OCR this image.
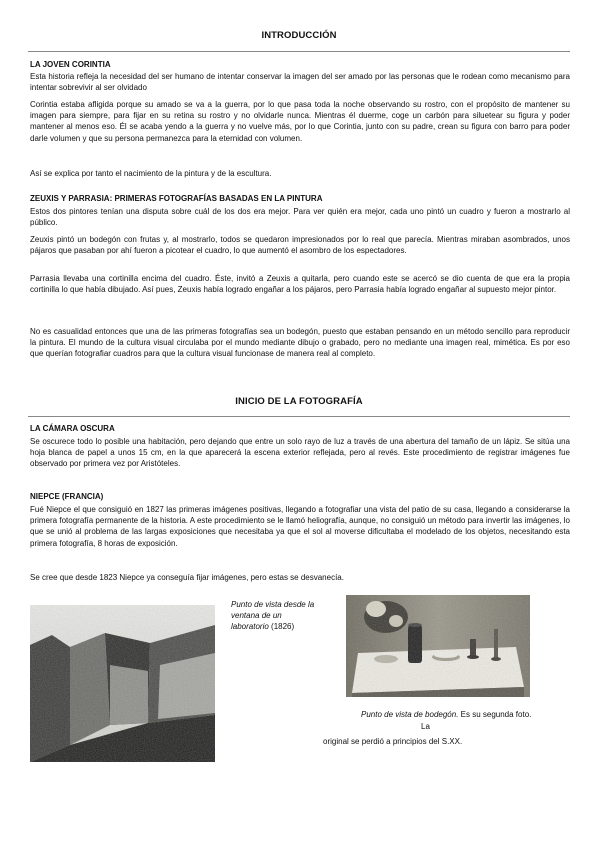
INTRODUCCIÓN
LA JOVEN CORINTIA

Esta historia refleja la necesidad del ser humano de intentar conservar la imagen del ser amado por las personas que le rodean como mecanismo para intentar sobrevivir al ser olvidado

Corintia estaba afligida porque su amado se va a la guerra, por lo que pasa toda la noche observando su rostro, con el propósito de mantener su imagen para siempre, para fijar en su retina su rostro y no olvidarle nunca. Mientras él duerme, coge un carbón para siluetear su figura y poder mantener al menos eso. Él se acaba yendo a la guerra y no vuelve más, por lo que Corintia, junto con su padre, crean su figura con barro para poder darle volumen y que su persona permanezca para la eternidad con volumen.

Así se explica por tanto el nacimiento de la pintura y de la escultura.

ZEUXIS Y PARRASIA: PRIMERAS FOTOGRAFÍAS BASADAS EN LA PINTURA

Estos dos pintores tenían una disputa sobre cuál de los dos era mejor. Para ver quién era mejor, cada uno pintó un cuadro y fueron a mostrarlo al público.

Zeuxis pintó un bodegón con frutas y, al mostrarlo, todos se quedaron impresionados por lo real que parecía. Mientras miraban asombrados, unos pájaros que pasaban por ahí fueron a picotear el cuadro, lo que aumentó el asombro de los espectadores.

Parrasia llevaba una cortinilla encima del cuadro. Éste, invitó a Zeuxis a quitarla, pero cuando este se acercó se dio cuenta de que era la propia cortinilla lo que había dibujado. Así pues, Zeuxis había logrado engañar a los pájaros, pero Parrasia había logrado engañar al supuesto mejor pintor.

No es casualidad entonces que una de las primeras fotografías sea un bodegón, puesto que estaban pensando en un método sencillo para reproducir la pintura. El mundo de la cultura visual circulaba por el mundo mediante dibujo o grabado, pero no mediante una imagen real, mimética. Es por eso que querían fotografiar cuadros para que la cultura visual funcionase de manera real al completo.

INICIO DE LA FOTOGRAFÍA
LA CÁMARA OSCURA

Se oscurece todo lo posible una habitación, pero dejando que entre un solo rayo de luz a través de una abertura del tamaño de un lápiz. Se sitúa una hoja blanca de papel a unos 15 cm, en la que aparecerá la escena exterior reflejada, pero al revés. Este procedimiento de registrar imágenes fue observado por primera vez por Aristóteles.

NIEPCE (FRANCIA)

Fué Niepce el que consiguió en 1827 las primeras imágenes positivas, llegando a fotografiar una vista del patio de su casa, llegando a considerarse la primera fotografía permanente de la historia. A este procedimiento se le llamó heliografía, aunque, no consiguió un método para invertir las imágenes, lo que se unió al problema de las largas exposiciones que necesitaba ya que el sol al moverse dificultaba el modelado de los objetos, necesitando esta primera fotografía, 8 horas de exposición.

Se cree que desde 1823 Niepce ya conseguía fijar imágenes, pero estas se desvanecía.

Punto de vista desde la
ventana de un
laboratorio (1826)
Punto de vista de bodegón. Es su segunda foto.
La
original se perdió a principios del S.XX.
